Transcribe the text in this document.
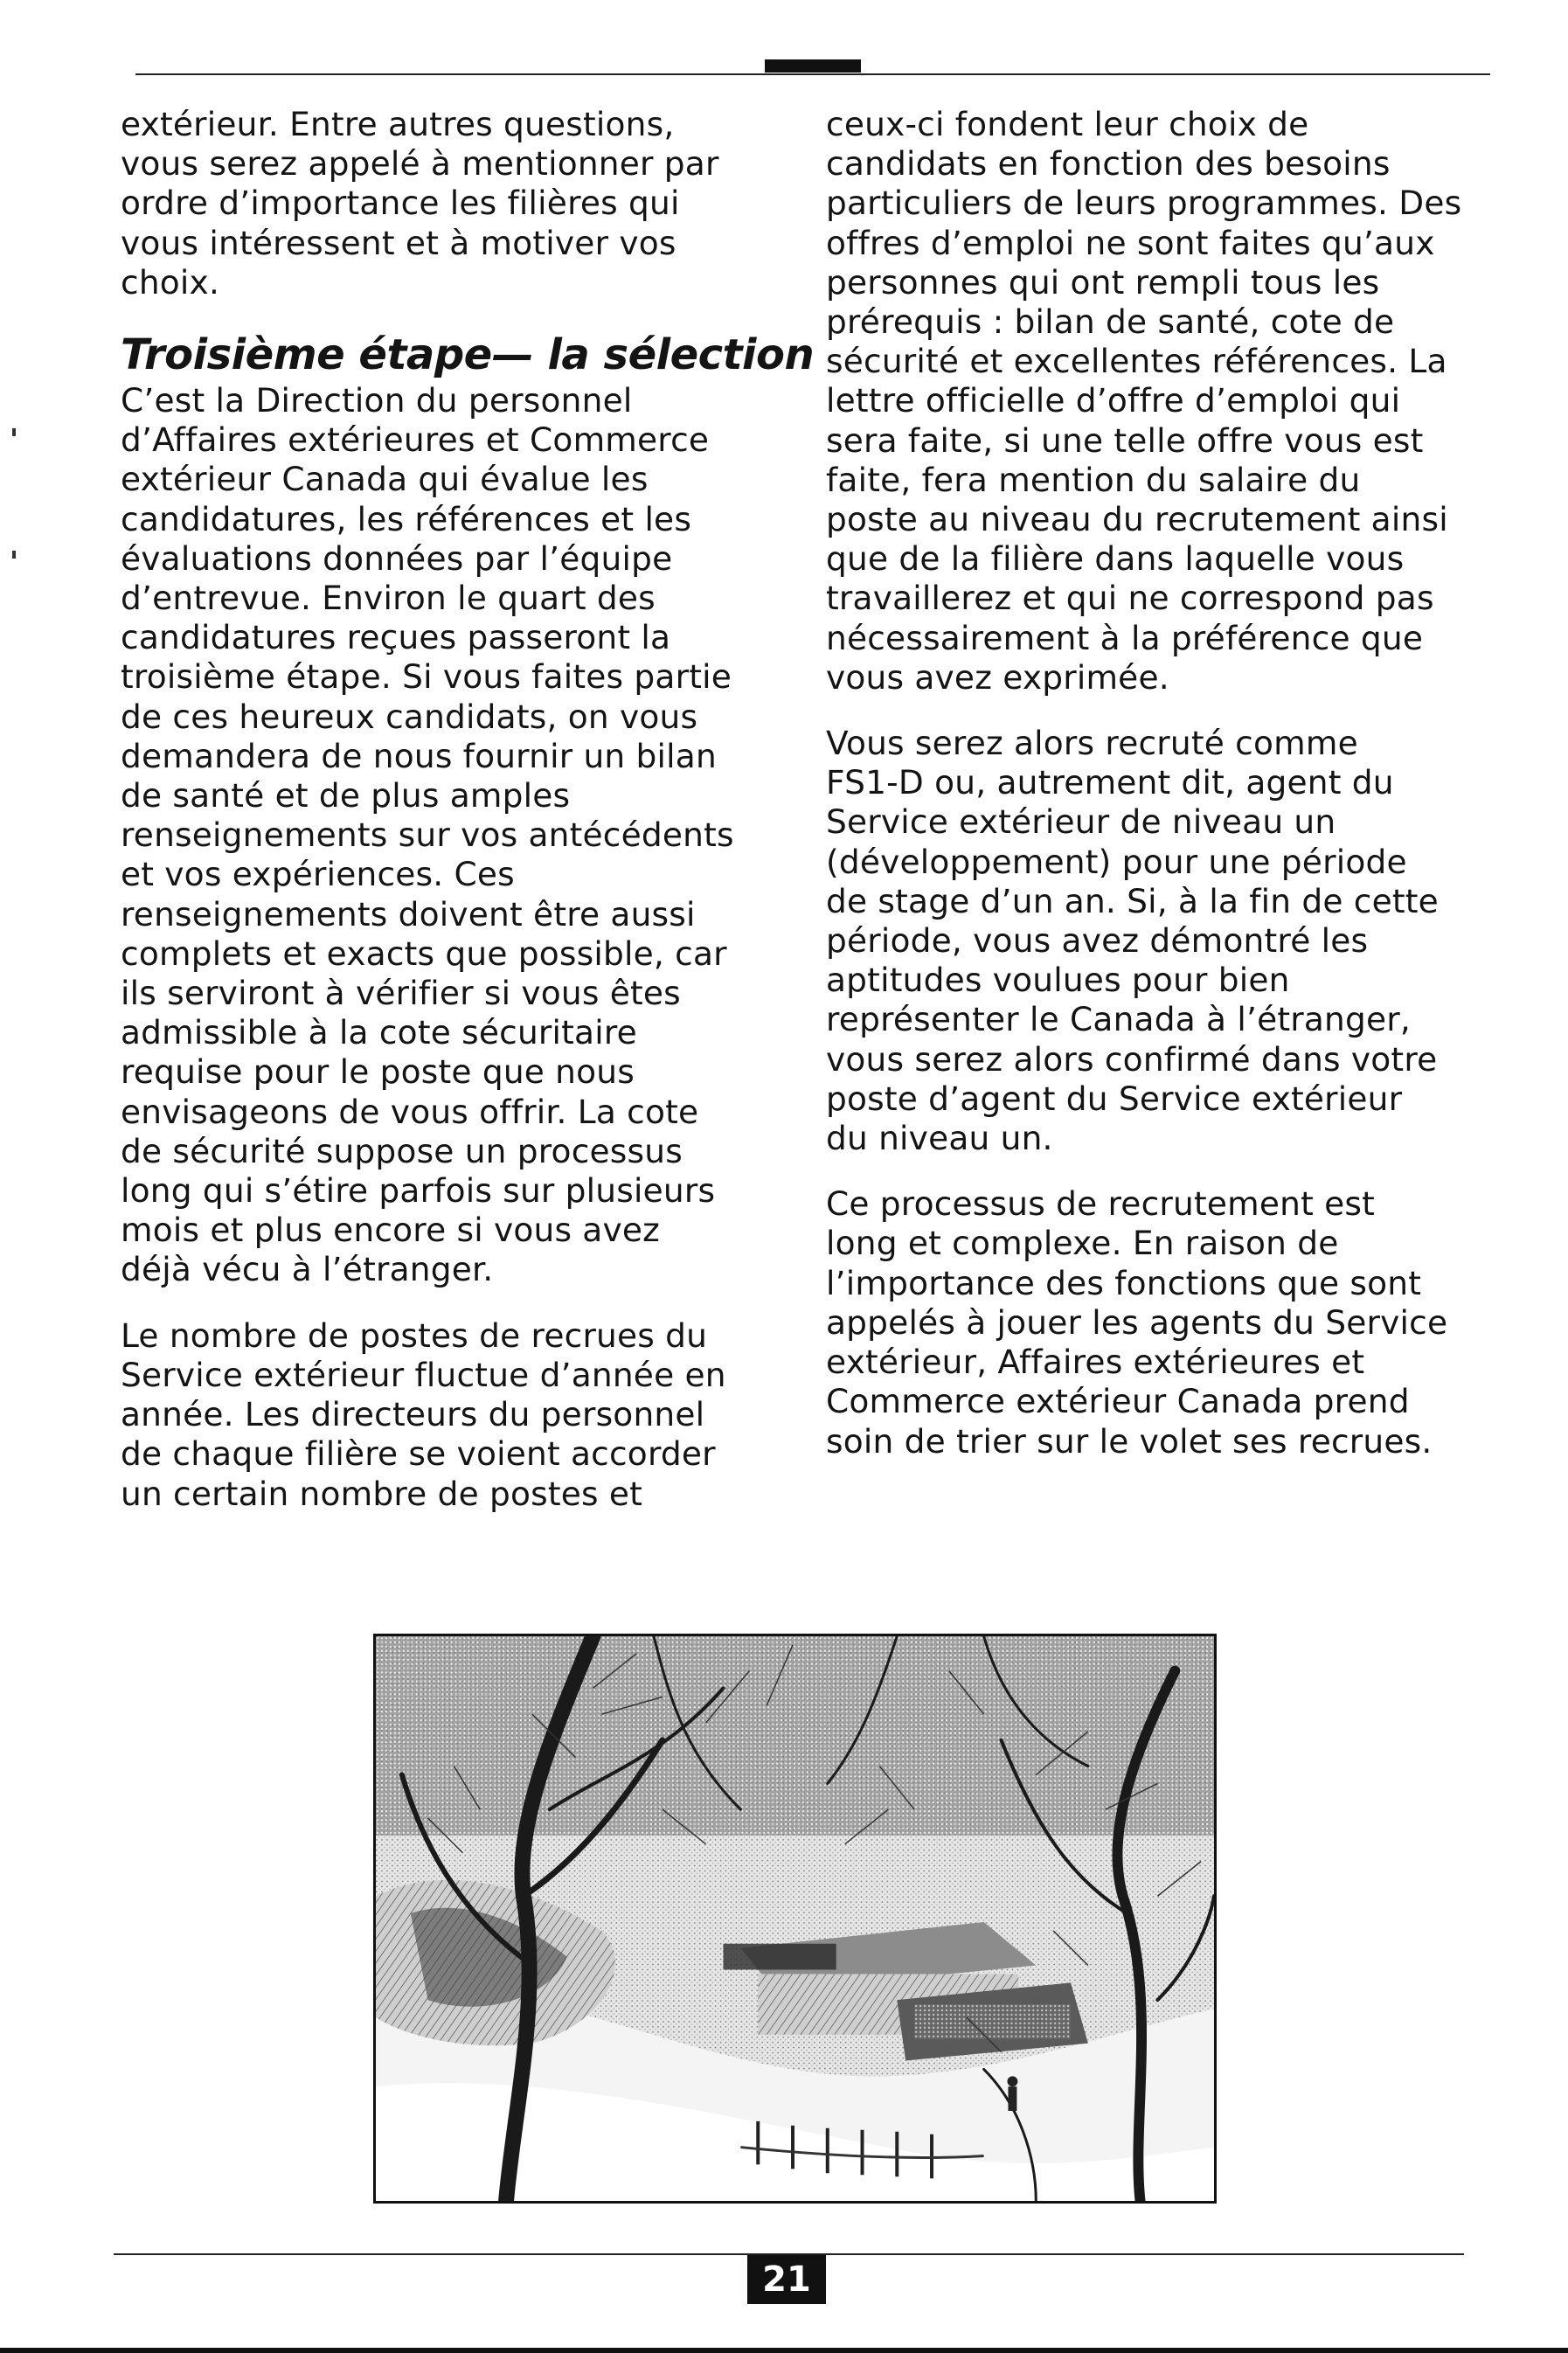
extérieur. Entre autres questions,
vous serez appelé à mentionner par
ordre d’importance les filières qui
vous intéressent et à motiver vos
choix.
Troisième étape— la sélection
C’est la Direction du personnel
d’Affaires extérieures et Commerce
extérieur Canada qui évalue les
candidatures, les références et les
évaluations données par l’équipe
d’entrevue. Environ le quart des
candidatures reçues passeront la
troisième étape. Si vous faites partie
de ces heureux candidats, on vous
demandera de nous fournir un bilan
de santé et de plus amples
renseignements sur vos antécédents
et vos expériences. Ces
renseignements doivent être aussi
complets et exacts que possible, car
ils serviront à vérifier si vous êtes
admissible à la cote sécuritaire
requise pour le poste que nous
envisageons de vous offrir. La cote
de sécurité suppose un processus
long qui s’étire parfois sur plusieurs
mois et plus encore si vous avez
déjà vécu à l’étranger.
Le nombre de postes de recrues du
Service extérieur fluctue d’année en
année. Les directeurs du personnel
de chaque filière se voient accorder
un certain nombre de postes et
ceux-ci fondent leur choix de
candidats en fonction des besoins
particuliers de leurs programmes. Des
offres d’emploi ne sont faites qu’aux
personnes qui ont rempli tous les
prérequis : bilan de santé, cote de
sécurité et excellentes références. La
lettre officielle d’offre d’emploi qui
sera faite, si une telle offre vous est
faite, fera mention du salaire du
poste au niveau du recrutement ainsi
que de la filière dans laquelle vous
travaillerez et qui ne correspond pas
nécessairement à la préférence que
vous avez exprimée.
Vous serez alors recruté comme
FS1-D ou, autrement dit, agent du
Service extérieur de niveau un
(développement) pour une période
de stage d’un an. Si, à la fin de cette
période, vous avez démontré les
aptitudes voulues pour bien
représenter le Canada à l’étranger,
vous serez alors confirmé dans votre
poste d’agent du Service extérieur
du niveau un.
Ce processus de recrutement est
long et complexe. En raison de
l’importance des fonctions que sont
appelés à jouer les agents du Service
extérieur, Affaires extérieures et
Commerce extérieur Canada prend
soin de trier sur le volet ses recrues.
21
